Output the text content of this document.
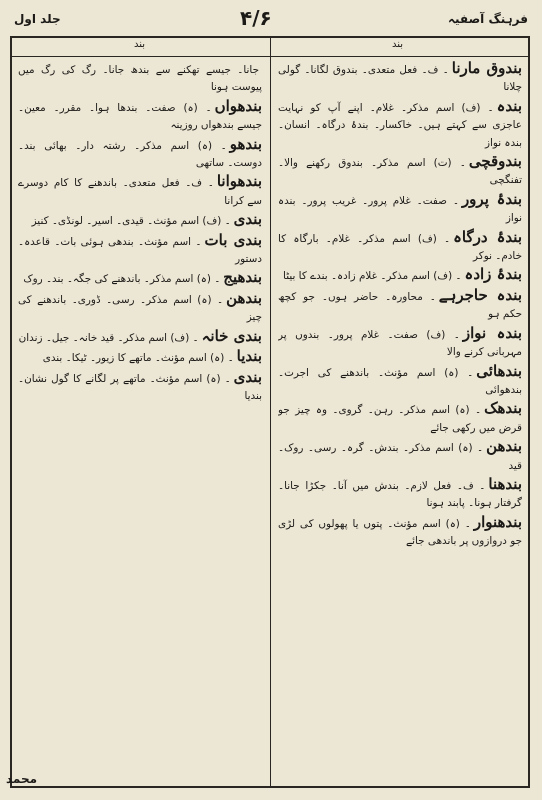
فرہنگ آصفیہ
۴/۶
جلد اول
بند
بند

بندوق مارنا۔ ف۔ فعل متعدی۔ بندوق لگانا۔ گولی چلانا

بندہ۔ (ف) اسم مذکر۔ غلام۔ اپنے آپ کو نہایت عاجزی سے کہتے ہیں۔ خاکسار۔ بندۂ درگاہ۔ انسان۔ بندہ نواز

بندوقچی۔ (ت) اسم مذکر۔ بندوق رکھنے والا۔ تفنگچی

بندۂ پرور۔ صفت۔ غلام پرور۔ غریب پرور۔ بندہ نواز

بندۂ درگاہ۔ (ف) اسم مذکر۔ غلام۔ بارگاہ کا خادم۔ نوکر

بندۂ زادہ۔ (ف) اسم مذکر۔ غلام زادہ۔ بندے کا بیٹا

بندہ حاجرہے۔ محاورہ۔ حاضر ہوں۔ جو کچھ حکم ہو

بندہ نواز۔ (ف) صفت۔ غلام پرور۔ بندوں پر مہربانی کرنے والا

بندھائی۔ (ہ) اسم مؤنث۔ باندھنے کی اجرت۔ بندھوائی

بندھک۔ (ہ) اسم مذکر۔ رہن۔ گروی۔ وہ چیز جو قرض میں رکھی جائے

بندھن۔ (ہ) اسم مذکر۔ بندش۔ گرہ۔ رسی۔ روک۔ قید

بندھنا۔ ف۔ فعل لازم۔ بندش میں آنا۔ جکڑا جانا۔ گرفتار ہونا۔ پابند ہونا

بندھنوار۔ (ہ) اسم مؤنث۔ پتوں یا پھولوں کی لڑی جو دروازوں پر باندھی جائے

جانا۔ جیسے تھکنے سے بندھ جانا۔ رگ کی رگ میں پیوست ہونا

بندھواں۔ (ہ) صفت۔ بندھا ہوا۔ مقرر۔ معین۔ جیسے بندھواں روزینہ

بندھو۔ (ہ) اسم مذکر۔ رشتہ دار۔ بھائی بند۔ دوست۔ ساتھی

بندھوانا۔ ف۔ فعل متعدی۔ باندھنے کا کام دوسرے سے کرانا

بندی۔ (ف) اسم مؤنث۔ قیدی۔ اسیر۔ لونڈی۔ کنیز

بندی بات۔ اسم مؤنث۔ بندھی ہوئی بات۔ قاعدہ۔ دستور

بندھیج۔ (ہ) اسم مذکر۔ باندھنے کی جگہ۔ بند۔ روک

بندھن۔ (ہ) اسم مذکر۔ رسی۔ ڈوری۔ باندھنے کی چیز

بندی خانہ۔ (ف) اسم مذکر۔ قید خانہ۔ جیل۔ زندان

بندیا۔ (ہ) اسم مؤنث۔ ماتھے کا زیور۔ ٹیکا۔ بندی

بندی۔ (ہ) اسم مؤنث۔ ماتھے پر لگانے کا گول نشان۔ بندیا

محمد
